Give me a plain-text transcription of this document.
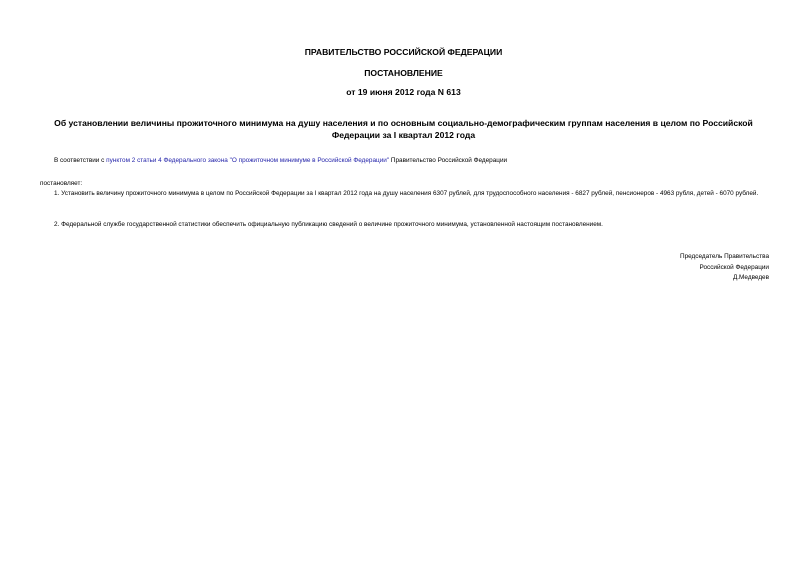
ПРАВИТЕЛЬСТВО РОССИЙСКОЙ ФЕДЕРАЦИИ
ПОСТАНОВЛЕНИЕ
от 19 июня 2012 года N 613
Об установлении величины прожиточного минимума на душу населения и по основным социально-демографическим группам населения в целом по Российской Федерации за I квартал 2012 года
В соответствии с пунктом 2 статьи 4 Федерального закона "О прожиточном минимуме в Российской Федерации" Правительство Российской Федерации
постановляет:
1. Установить величину прожиточного минимума в целом по Российской Федерации за I квартал 2012 года на душу населения 6307 рублей, для трудоспособного населения - 6827 рублей, пенсионеров - 4963 рубля, детей - 6070 рублей.
2. Федеральной службе государственной статистики обеспечить официальную публикацию сведений о величине прожиточного минимума, установленной настоящим постановлением.
Председатель Правительства
Российской Федерации
Д.Медведев
